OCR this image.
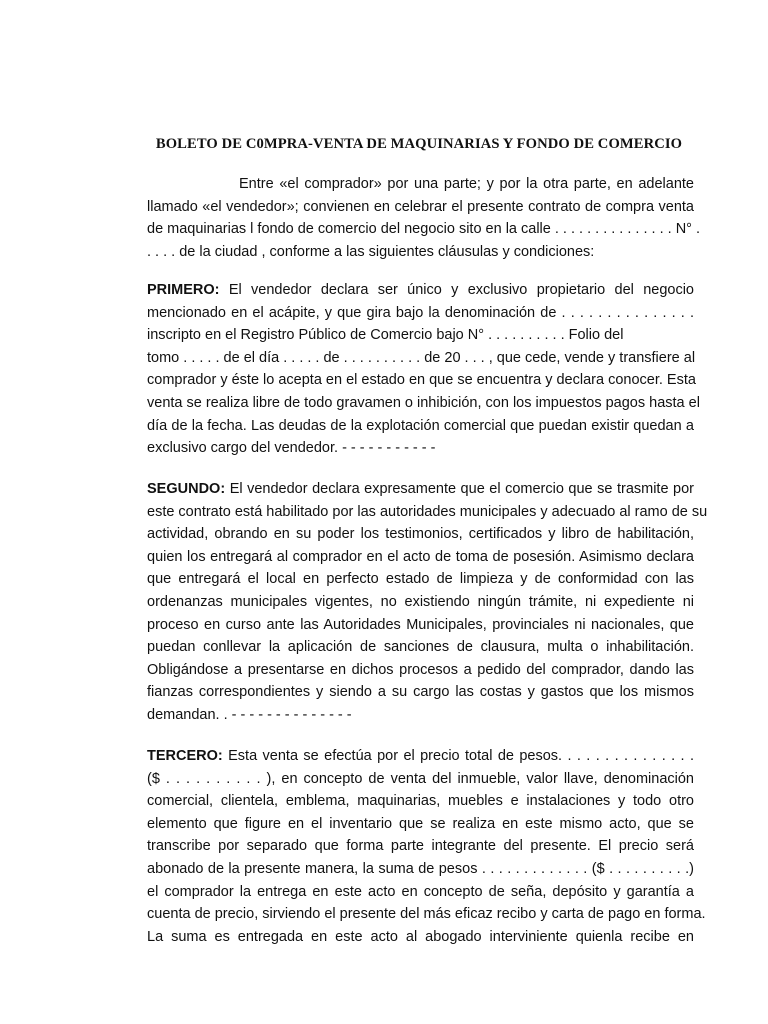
BOLETO DE C0MPRA-VENTA DE MAQUINARIAS Y FONDO DE COMERCIO
Entre «el comprador» por una parte; y por la otra parte, en adelante
llamado «el vendedor»; convienen en celebrar el presente contrato de compra venta
de maquinarias l fondo de comercio del negocio sito en la calle . . . . . . . . . . . . . . . N° .
. . . . de la ciudad , conforme a las siguientes cláusulas y condiciones:
PRIMERO: El vendedor declara ser único y exclusivo propietario del negocio
mencionado en el acápite, y que gira bajo la denominación de . . . . . . . . . . . . . . .
inscripto en el Registro Público de Comercio bajo N° . . . . . . . . . . Folio del
tomo . . . . . de el día . . . . . de . . . . . . . . . . de 20 . . . , que cede, vende y transfiere al
comprador y éste lo acepta en el estado en que se encuentra y declara conocer. Esta
venta se realiza libre de todo gravamen o inhibición, con los impuestos pagos hasta el
día de la fecha. Las deudas de la explotación comercial que puedan existir quedan a
exclusivo cargo del vendedor. - - - - - - - - - - -
SEGUNDO: El vendedor declara expresamente que el comercio que se trasmite por
este contrato está habilitado por las autoridades municipales y adecuado al ramo de su
actividad, obrando en su poder los testimonios, certificados y libro de habilitación,
quien los entregará al comprador en el acto de toma de posesión. Asimismo declara
que entregará el local en perfecto estado de limpieza y de conformidad con las
ordenanzas municipales vigentes, no existiendo ningún trámite, ni expediente ni
proceso en curso ante las Autoridades Municipales, provinciales ni nacionales, que
puedan conllevar la aplicación de sanciones de clausura, multa o inhabilitación.
Obligándose a presentarse en dichos procesos a pedido del comprador, dando las
fianzas correspondientes y siendo a su cargo las costas y gastos que los mismos
demandan. . - - - - - - - - - - - - - -
TERCERO: Esta venta se efectúa por el precio total de pesos. . . . . . . . . . . . . . .
($ . . . . . . . . . . ), en concepto de venta del inmueble, valor llave, denominación
comercial, clientela, emblema, maquinarias, muebles e instalaciones y todo otro
elemento que figure en el inventario que se realiza en este mismo acto, que se
transcribe por separado que forma parte integrante del presente. El precio será
abonado de la presente manera, la suma de pesos . . . . . . . . . . . . . ($ . . . . . . . . . .)
el comprador la entrega en este acto en concepto de seña, depósito y garantía a
cuenta de precio, sirviendo el presente del más eficaz recibo y carta de pago en forma.
La suma es entregada en este acto al abogado interviniente quienla recibe en
